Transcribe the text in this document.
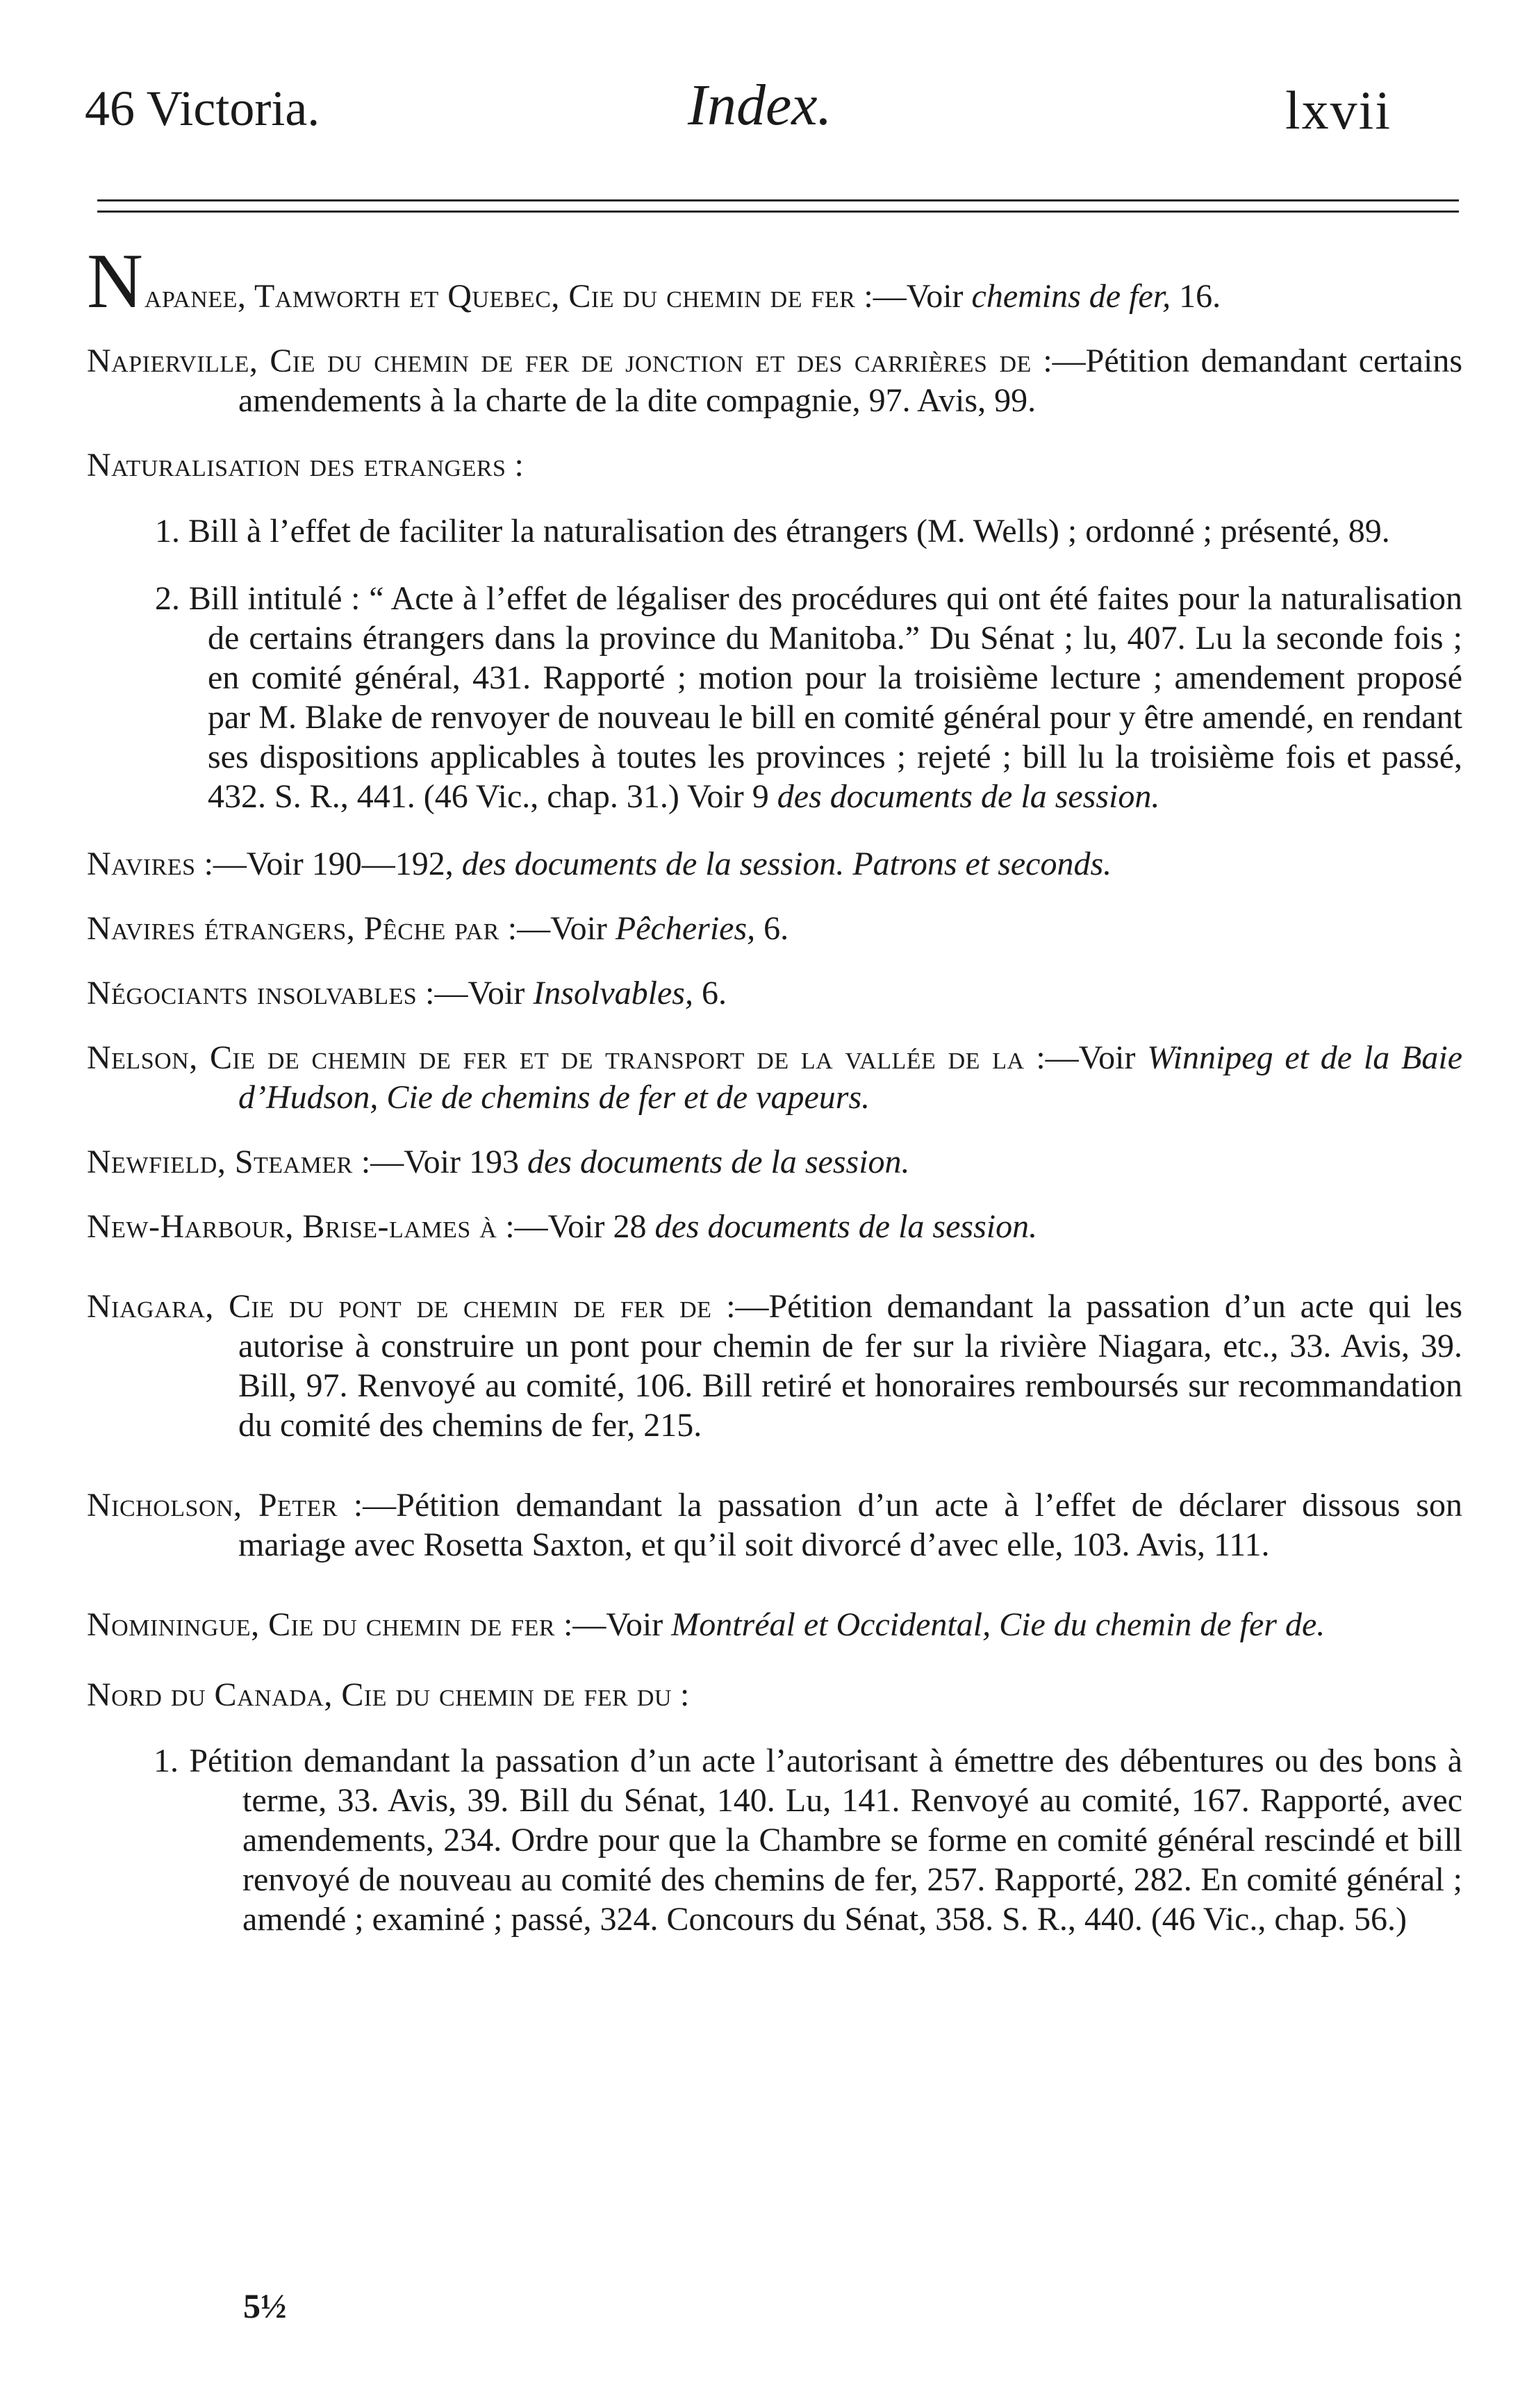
46 Victoria.	Index.	lxvii

Napanee, Tamworth et Quebec, Cie du chemin de fer :—Voir chemins de fer, 16.

Napierville, Cie du chemin de fer de jonction et des carrières de :—Pétition demandant certains amendements à la charte de la dite compagnie, 97. Avis, 99.

Naturalisation des etrangers :

1. Bill à l’effet de faciliter la naturalisation des étrangers (M. Wells) ; ordonné ; présenté, 89.

2. Bill intitulé : “ Acte à l’effet de légaliser des procédures qui ont été faites pour la naturalisation de certains étrangers dans la province du Manitoba.” Du Sénat ; lu, 407. Lu la seconde fois ; en comité général, 431. Rapporté ; motion pour la troisième lecture ; amendement proposé par M. Blake de renvoyer de nouveau le bill en comité général pour y être amendé, en rendant ses dispositions applicables à toutes les provinces ; rejeté ; bill lu la troisième fois et passé, 432. S. R., 441. (46 Vic., chap. 31.) Voir 9 des documents de la session.

Navires :—Voir 190—192, des documents de la session. Patrons et seconds.

Navires étrangers, Pêche par :—Voir Pêcheries, 6.

Négociants insolvables :—Voir Insolvables, 6.

Nelson, Cie de chemin de fer et de transport de la vallée de la :—Voir Winnipeg et de la Baie d’Hudson, Cie de chemins de fer et de vapeurs.

Newfield, Steamer :—Voir 193 des documents de la session.

New-Harbour, Brise-lames à :—Voir 28 des documents de la session.

Niagara, Cie du pont de chemin de fer de :—Pétition demandant la passation d’un acte qui les autorise à construire un pont pour chemin de fer sur la rivière Niagara, etc., 33. Avis, 39. Bill, 97. Renvoyé au comité, 106. Bill retiré et honoraires remboursés sur recommandation du comité des chemins de fer, 215.

Nicholson, Peter :—Pétition demandant la passation d’un acte à l’effet de déclarer dissous son mariage avec Rosetta Saxton, et qu’il soit divorcé d’avec elle, 103. Avis, 111.

Nominingue, Cie du chemin de fer :—Voir Montréal et Occidental, Cie du chemin de fer de.

Nord du Canada, Cie du chemin de fer du :

1. Pétition demandant la passation d’un acte l’autorisant à émettre des débentures ou des bons à terme, 33. Avis, 39. Bill du Sénat, 140. Lu, 141. Renvoyé au comité, 167. Rapporté, avec amendements, 234. Ordre pour que la Chambre se forme en comité général rescindé et bill renvoyé de nouveau au comité des chemins de fer, 257. Rapporté, 282. En comité général ; amendé ; examiné ; passé, 324. Concours du Sénat, 358. S. R., 440. (46 Vic., chap. 56.)

5½
